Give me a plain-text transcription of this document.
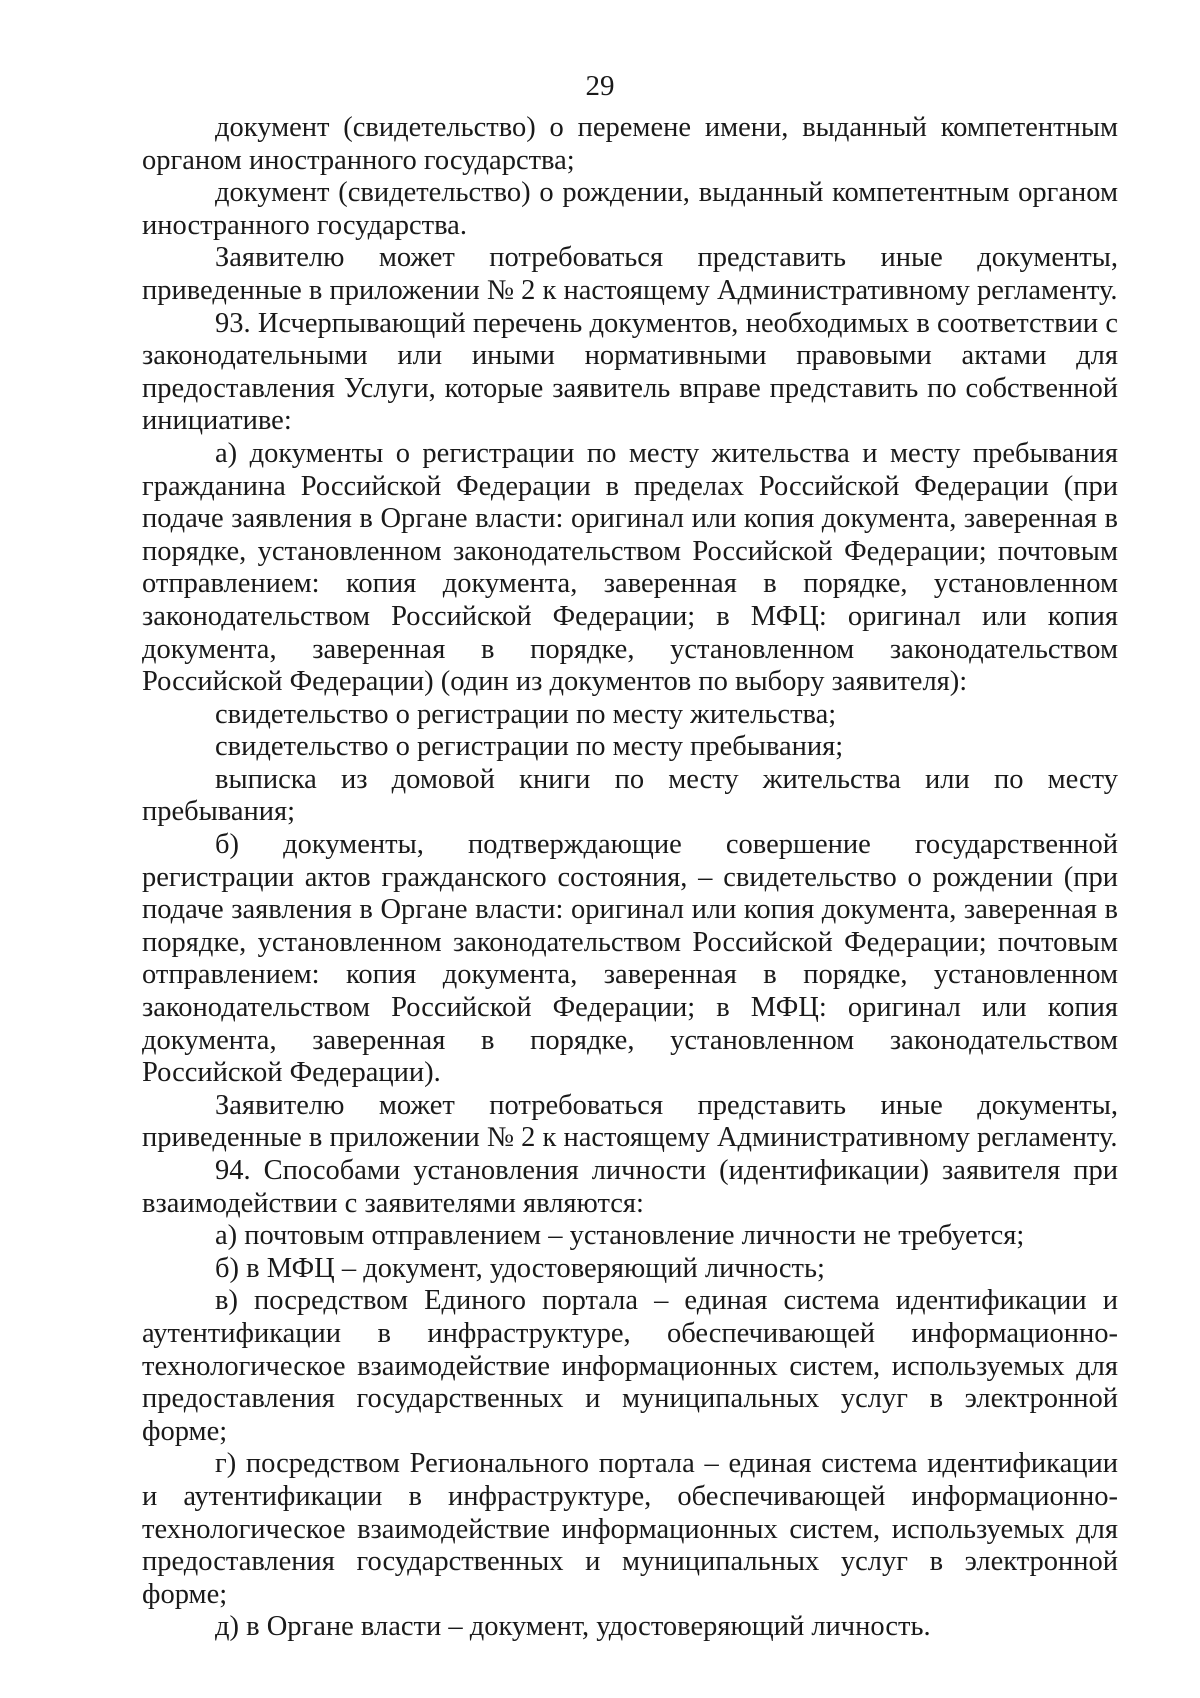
29

документ (свидетельство) о перемене имени, выданный компетентным органом иностранного государства;

документ (свидетельство) о рождении, выданный компетентным органом иностранного государства.

Заявителю может потребоваться представить иные документы, приведенные в приложении № 2 к настоящему Административному регламенту.

93. Исчерпывающий перечень документов, необходимых в соответствии с законодательными или иными нормативными правовыми актами для предоставления Услуги, которые заявитель вправе представить по собственной инициативе:

а) документы о регистрации по месту жительства и месту пребывания гражданина Российской Федерации в пределах Российской Федерации (при подаче заявления в Органе власти: оригинал или копия документа, заверенная в порядке, установленном законодательством Российской Федерации; почтовым отправлением: копия документа, заверенная в порядке, установленном законодательством Российской Федерации; в МФЦ: оригинал или копия документа, заверенная в порядке, установленном законодательством Российской Федерации) (один из документов по выбору заявителя):

свидетельство о регистрации по месту жительства;

свидетельство о регистрации по месту пребывания;

выписка из домовой книги по месту жительства или по месту пребывания;

б) документы, подтверждающие совершение государственной регистрации актов гражданского состояния, – свидетельство о рождении (при подаче заявления в Органе власти: оригинал или копия документа, заверенная в порядке, установленном законодательством Российской Федерации; почтовым отправлением: копия документа, заверенная в порядке, установленном законодательством Российской Федерации; в МФЦ: оригинал или копия документа, заверенная в порядке, установленном законодательством Российской Федерации).

Заявителю может потребоваться представить иные документы, приведенные в приложении № 2 к настоящему Административному регламенту.

94. Способами установления личности (идентификации) заявителя при взаимодействии с заявителями являются:

а) почтовым отправлением – установление личности не требуется;

б) в МФЦ – документ, удостоверяющий личность;

в) посредством Единого портала – единая система идентификации и аутентификации в инфраструктуре, обеспечивающей информационно-технологическое взаимодействие информационных систем, используемых для предоставления государственных и муниципальных услуг в электронной форме;

г) посредством Регионального портала – единая система идентификации и аутентификации в инфраструктуре, обеспечивающей информационно-технологическое взаимодействие информационных систем, используемых для предоставления государственных и муниципальных услуг в электронной форме;

д) в Органе власти – документ, удостоверяющий личность.
